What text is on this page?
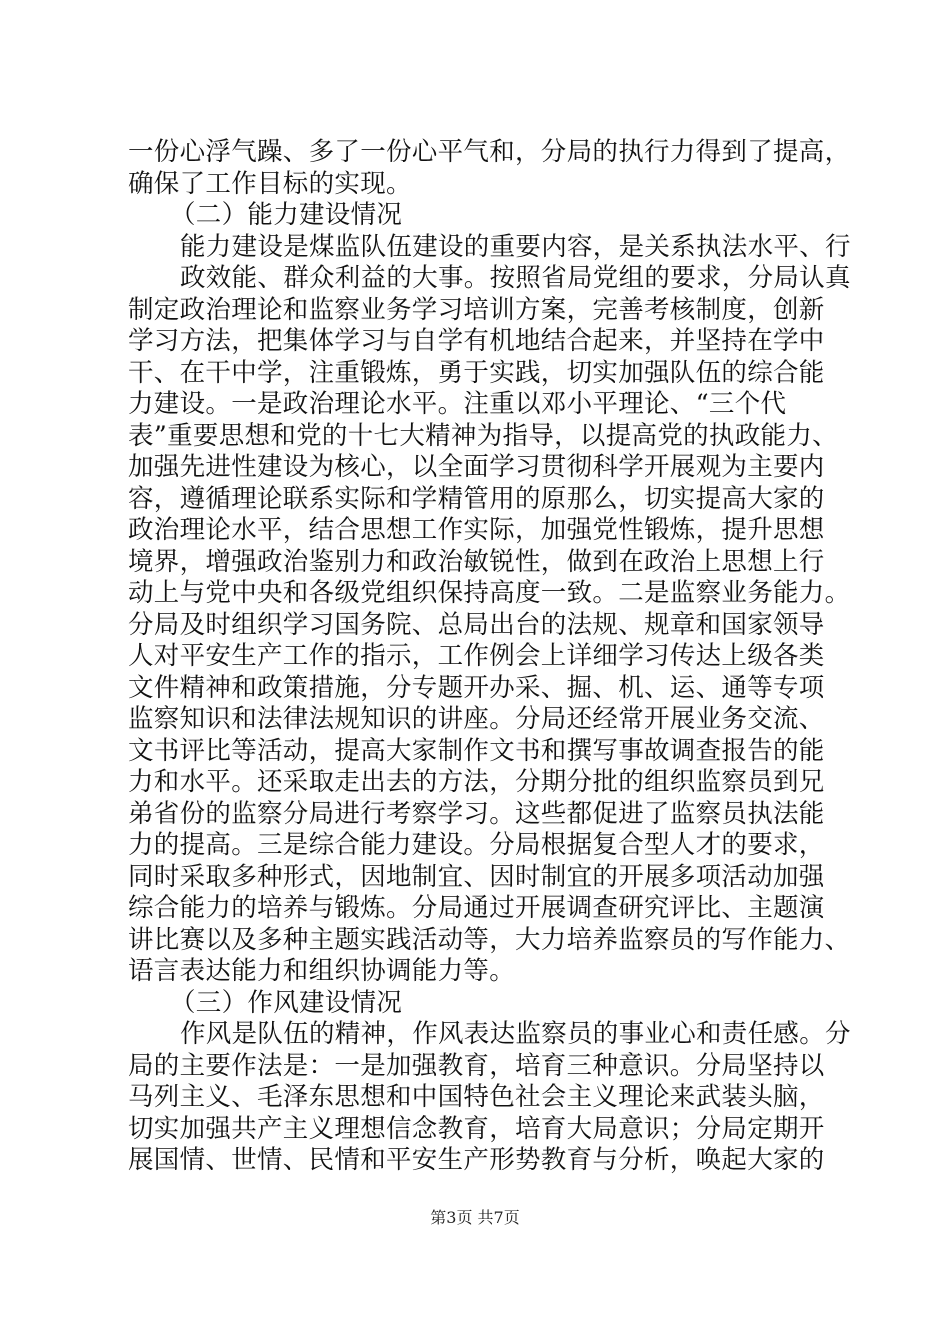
一份心浮气躁、多了一份心平气和，分局的执行力得到了提高，
确保了工作目标的实现。
（二）能力建设情况
能力建设是煤监队伍建设的重要内容，是关系执法水平、行
政效能、群众利益的大事。按照省局党组的要求，分局认真
制定政治理论和监察业务学习培训方案，完善考核制度，创新
学习方法，把集体学习与自学有机地结合起来，并坚持在学中
干、在干中学，注重锻炼，勇于实践，切实加强队伍的综合能
力建设。一是政治理论水平。注重以邓小平理论、“三个代
表”重要思想和党的十七大精神为指导，以提高党的执政能力、
加强先进性建设为核心，以全面学习贯彻科学开展观为主要内
容，遵循理论联系实际和学精管用的原那么，切实提高大家的
政治理论水平，结合思想工作实际，加强党性锻炼，提升思想
境界，增强政治鉴别力和政治敏锐性，做到在政治上思想上行
动上与党中央和各级党组织保持高度一致。二是监察业务能力。
分局及时组织学习国务院、总局出台的法规、规章和国家领导
人对平安生产工作的指示，工作例会上详细学习传达上级各类
文件精神和政策措施，分专题开办采、掘、机、运、通等专项
监察知识和法律法规知识的讲座。分局还经常开展业务交流、
文书评比等活动，提高大家制作文书和撰写事故调查报告的能
力和水平。还采取走出去的方法，分期分批的组织监察员到兄
弟省份的监察分局进行考察学习。这些都促进了监察员执法能
力的提高。三是综合能力建设。分局根据复合型人才的要求，
同时采取多种形式，因地制宜、因时制宜的开展多项活动加强
综合能力的培养与锻炼。分局通过开展调查研究评比、主题演
讲比赛以及多种主题实践活动等，大力培养监察员的写作能力、
语言表达能力和组织协调能力等。
（三）作风建设情况
作风是队伍的精神，作风表达监察员的事业心和责任感。分
局的主要作法是：一是加强教育，培育三种意识。分局坚持以
马列主义、毛泽东思想和中国特色社会主义理论来武装头脑，
切实加强共产主义理想信念教育，培育大局意识；分局定期开
展国情、世情、民情和平安生产形势教育与分析，唤起大家的
第3页 共7页
